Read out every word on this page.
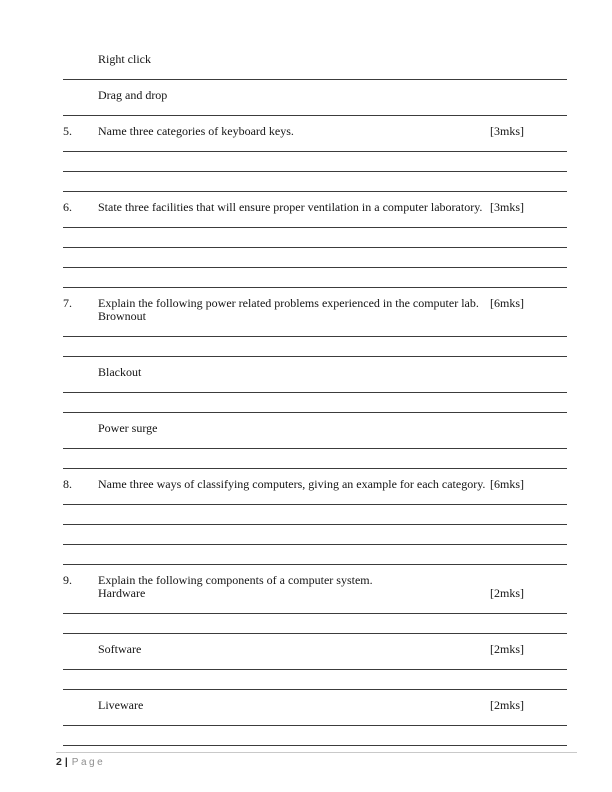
Right click
Drag and drop
5. Name three categories of keyboard keys.	[3mks]
6. State three facilities that will ensure proper ventilation in a computer laboratory. [3mks]
7. Explain the following power related problems experienced in the computer lab. [6mks]
Brownout
Blackout
Power surge
8. Name three ways of classifying computers, giving an example for each category. [6mks]
9. Explain the following components of a computer system.
Hardware	[2mks]
Software	[2mks]
Liveware	[2mks]
2 | Page
